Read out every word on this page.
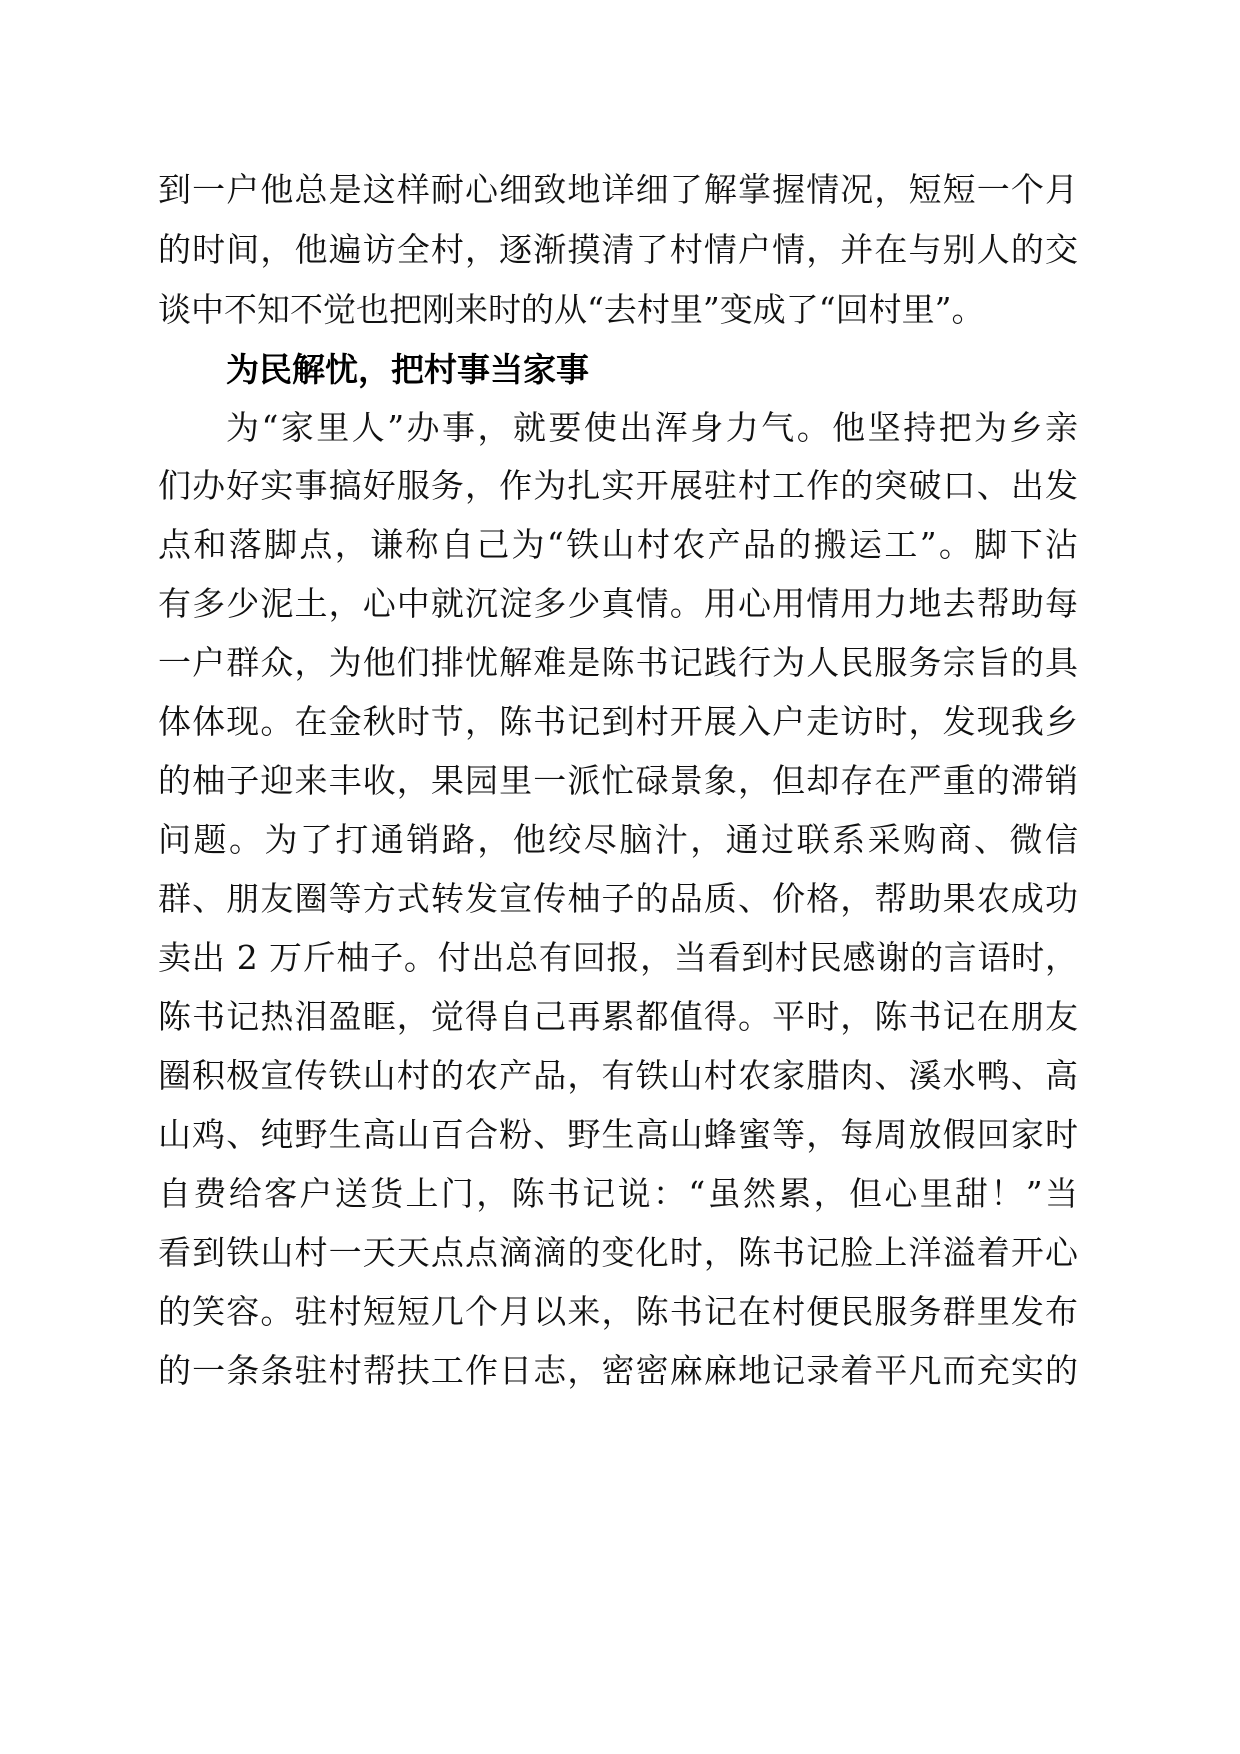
到一户他总是这样耐心细致地详细了解掌握情况，短短一个月
的时间，他遍访全村，逐渐摸清了村情户情，并在与别人的交
谈中不知不觉也把刚来时的从“去村里”变成了“回村里”。
为民解忧，把村事当家事
为“家里人”办事，就要使出浑身力气。他坚持把为乡亲
们办好实事搞好服务，作为扎实开展驻村工作的突破口、出发
点和落脚点，谦称自己为“铁山村农产品的搬运工”。脚下沾
有多少泥土，心中就沉淀多少真情。用心用情用力地去帮助每
一户群众，为他们排忧解难是陈书记践行为人民服务宗旨的具
体体现。在金秋时节，陈书记到村开展入户走访时，发现我乡
的柚子迎来丰收，果园里一派忙碌景象，但却存在严重的滞销
问题。为了打通销路，他绞尽脑汁，通过联系采购商、微信
群、朋友圈等方式转发宣传柚子的品质、价格，帮助果农成功
卖出 2 万斤柚子。付出总有回报，当看到村民感谢的言语时，
陈书记热泪盈眶，觉得自己再累都值得。平时，陈书记在朋友
圈积极宣传铁山村的农产品，有铁山村农家腊肉、溪水鸭、高
山鸡、纯野生高山百合粉、野生高山蜂蜜等，每周放假回家时
自费给客户送货上门，陈书记说：“虽然累，但心里甜！”当
看到铁山村一天天点点滴滴的变化时，陈书记脸上洋溢着开心
的笑容。驻村短短几个月以来，陈书记在村便民服务群里发布
的一条条驻村帮扶工作日志，密密麻麻地记录着平凡而充实的
